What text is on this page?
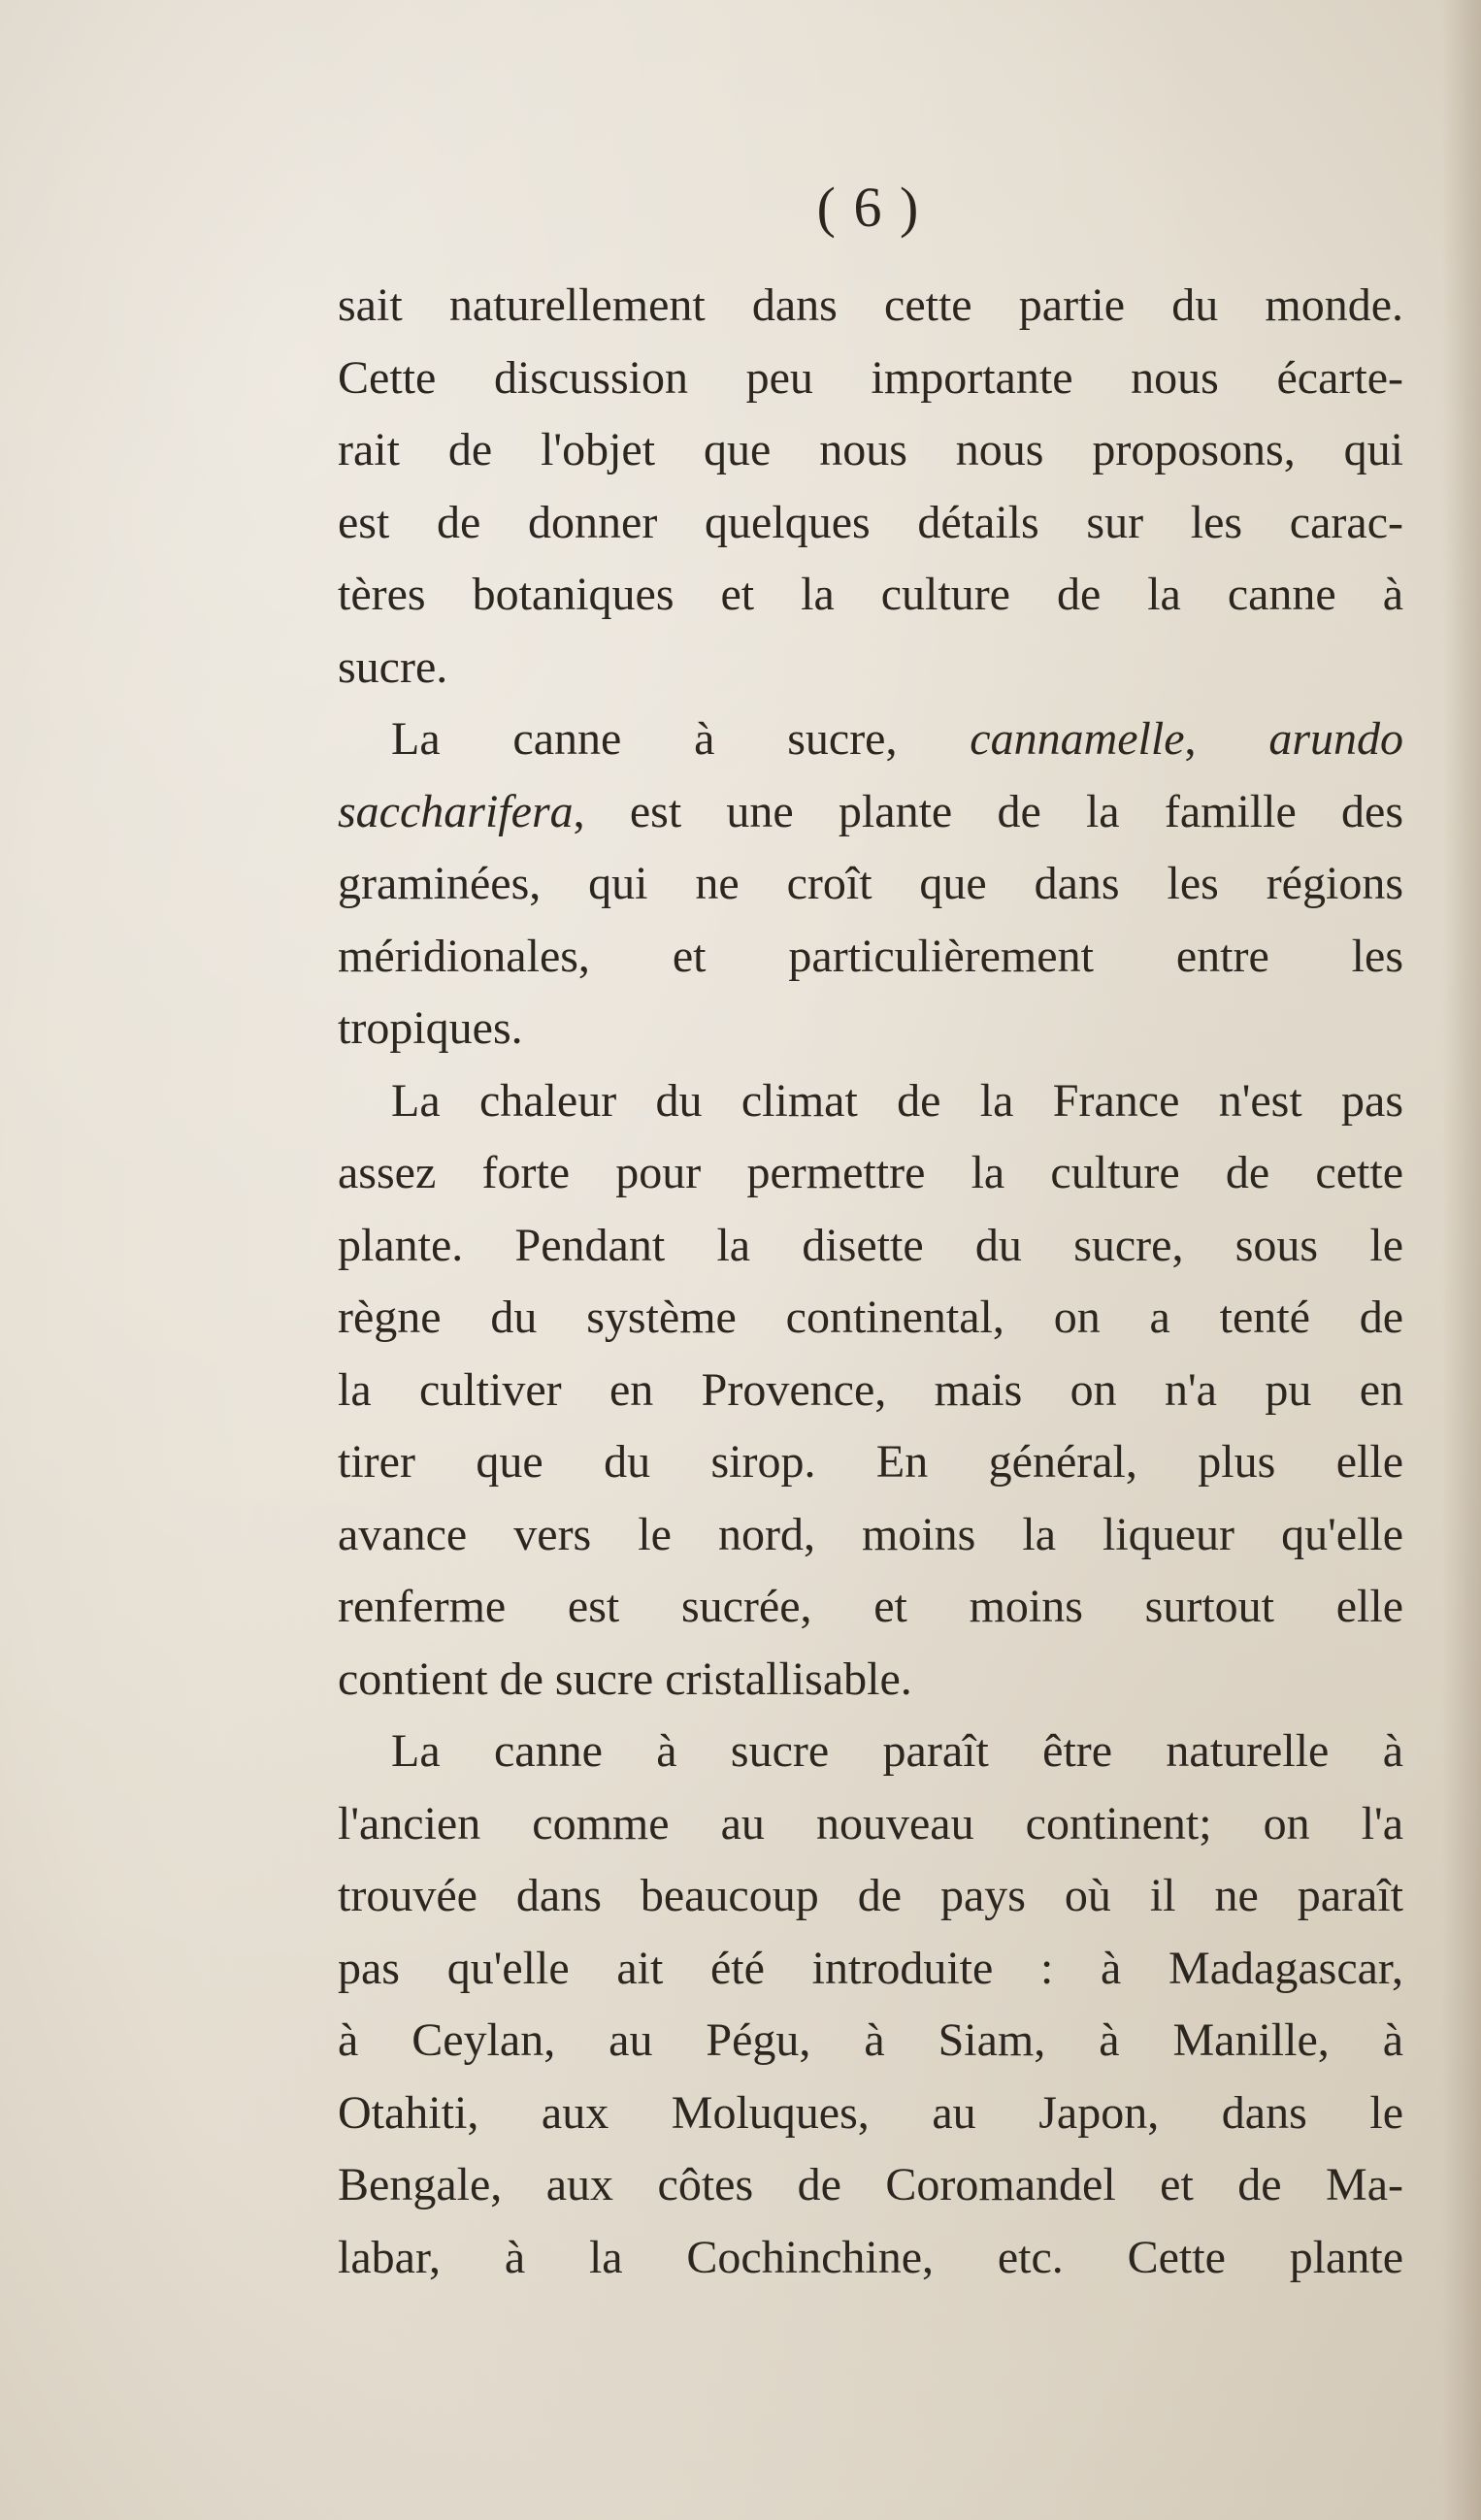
( 6 )
sait naturellement dans cette partie du monde.
Cette discussion peu importante nous écarte-
rait de l'objet que nous nous proposons, qui
est de donner quelques détails sur les carac-
tères botaniques et la culture de la canne à
sucre.
La canne à sucre, cannamelle, arundo
saccharifera, est une plante de la famille des
graminées, qui ne croît que dans les régions
méridionales, et particulièrement entre les
tropiques.
La chaleur du climat de la France n'est pas
assez forte pour permettre la culture de cette
plante. Pendant la disette du sucre, sous le
règne du système continental, on a tenté de
la cultiver en Provence, mais on n'a pu en
tirer que du sirop. En général, plus elle
avance vers le nord, moins la liqueur qu'elle
renferme est sucrée, et moins surtout elle
contient de sucre cristallisable.
La canne à sucre paraît être naturelle à
l'ancien comme au nouveau continent; on l'a
trouvée dans beaucoup de pays où il ne paraît
pas qu'elle ait été introduite : à Madagascar,
à Ceylan, au Pégu, à Siam, à Manille, à
Otahiti, aux Moluques, au Japon, dans le
Bengale, aux côtes de Coromandel et de Ma-
labar, à la Cochinchine, etc. Cette plante
